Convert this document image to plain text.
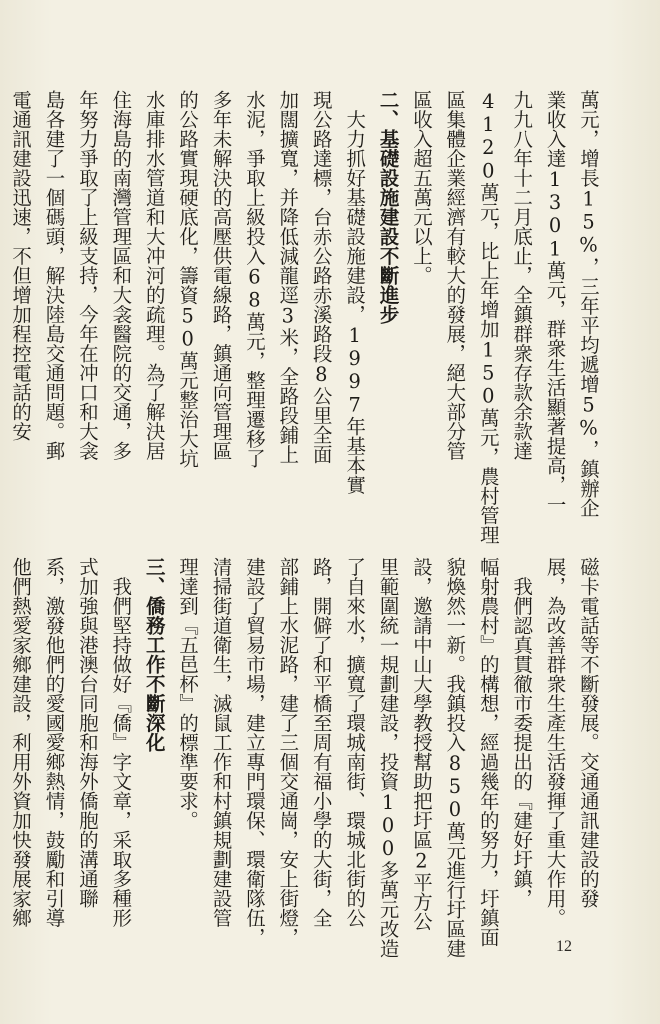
萬元，增長15%，三年平均遞增5%，鎮辦企
業收入達1301萬元，群衆生活顯著提高，一
九九八年十二月底止，全鎮群衆存款余款達
4120萬元，比上年增加150萬元，農村管理
區集體企業經濟有較大的發展，絕大部分管
區收入超五萬元以上。
二、基礎設施建設不斷進步
　大力抓好基礎設施建設，1997年基本實
現公路達標，台赤公路赤溪路段8公里全面
加闊擴寬，并降低減龍逕3米，全路段鋪上
水泥，爭取上級投入68萬元，整理遷移了
多年未解決的高壓供電線路，鎮通向管理區
的公路實現硬底化，籌資50萬元整治大坑
水庫排水管道和大冲河的疏理。為了解決居
住海島的南灣管理區和大衾醫院的交通，多
年努力爭取了上級支持，今年在冲口和大衾
島各建了一個碼頭，解決陸島交通問題。郵
電通訊建設迅速，不但增加程控電話的安
磁卡電話等不斷發展。交通通訊建設的發
展，為改善群衆生產生活發揮了重大作用。
　我們認真貫徹市委提出的『建好圩鎮，
幅射農村』的構想，經過幾年的努力，圩鎮面
貌煥然一新。我鎮投入850萬元進行圩區建
設，邀請中山大學教授幫助把圩區2平方公
里範圍統一規劃建設，投資100多萬元改造
了自來水，擴寬了環城南街、環城北街的公
路，開僻了和平橋至周有福小學的大街，全
部鋪上水泥路，建了三個交通崗，安上街燈，
建設了貿易市場，建立專門環保、環衛隊伍，
清掃街道衛生，滅鼠工作和村鎮規劃建設管
理達到『五邑杯』的標準要求。
三、僑務工作不斷深化
　我們堅持做好『僑』字文章，采取多種形
式加強與港澳台同胞和海外僑胞的溝通聯
系，激發他們的愛國愛鄉熱情，鼓勵和引導
他們熱愛家鄉建設，利用外資加快發展家鄉
12
